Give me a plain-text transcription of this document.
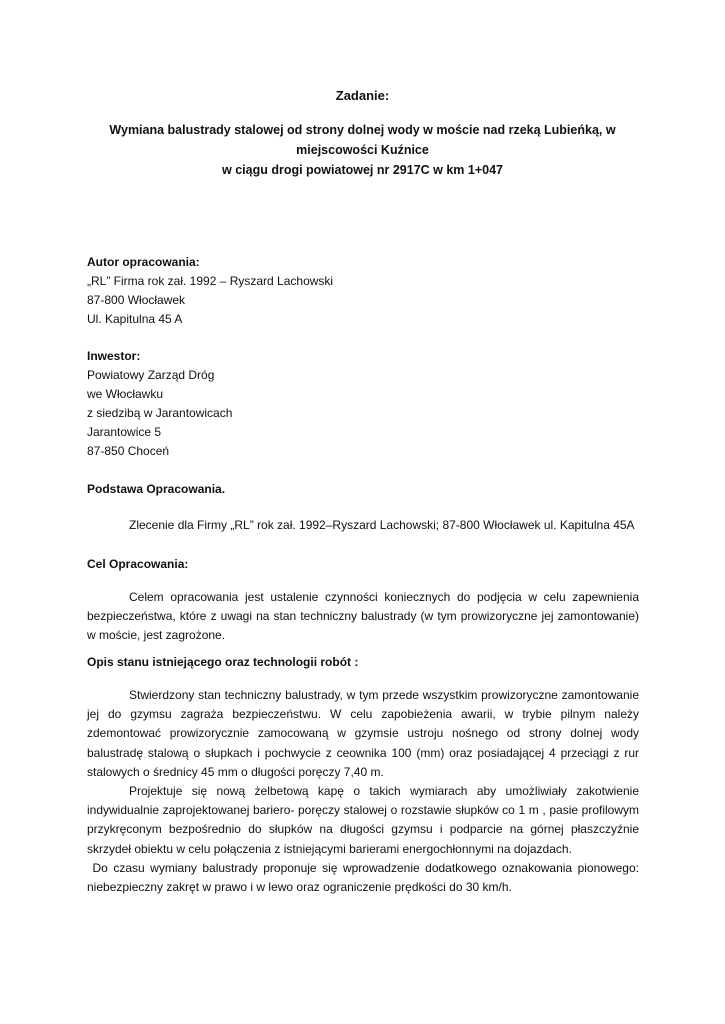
Zadanie:
Wymiana balustrady stalowej od strony dolnej wody w moście nad rzeką Lubieńką, w
miejscowości Kuźnice
w ciągu drogi powiatowej nr 2917C w km 1+047
Autor opracowania:
„RL” Firma rok zał. 1992 – Ryszard Lachowski
87-800 Włocławek
Ul. Kapitulna 45 A
Inwestor:
Powiatowy Zarząd Dróg
we Włocławku
z siedzibą w Jarantowicach
Jarantowice 5
87-850 Choceń
Podstawa Opracowania.
Zlecenie dla Firmy „RL” rok zał. 1992–Ryszard Lachowski; 87-800 Włocławek ul. Kapitulna 45A
Cel Opracowania:
Celem opracowania jest ustalenie czynności koniecznych do podjęcia w celu zapewnienia bezpieczeństwa, które z uwagi na stan techniczny balustrady (w tym prowizoryczne jej zamontowanie) w moście, jest zagrożone.
Opis stanu istniejącego oraz technologii robót :
Stwierdzony stan techniczny balustrady, w tym przede wszystkim prowizoryczne zamontowanie jej do gzymsu zagraża bezpieczeństwu. W celu zapobieżenia awarii, w trybie pilnym należy zdemontować prowizorycznie zamocowaną w gzymsie ustroju nośnego od strony dolnej wody balustradę stalową o słupkach i pochwycie z ceownika 100 (mm) oraz posiadającej 4 przeciągi z rur stalowych o średnicy 45 mm o długości poręczy 7,40 m.
Projektuje się nową żelbetową kapę o takich wymiarach aby umożliwiały zakotwienie indywidualnie zaprojektowanej bariero- poręczy stalowej o rozstawie słupków co 1 m , pasie profilowym przykręconym bezpośrednio do słupków na długości gzymsu i podparcie na górnej płaszczyźnie skrzydeł obiektu w celu połączenia z istniejącymi barierami energochłonnymi na dojazdach.
Do czasu wymiany balustrady proponuje się wprowadzenie dodatkowego oznakowania pionowego: niebezpieczny zakręt w prawo i w lewo oraz ograniczenie prędkości do 30 km/h.
